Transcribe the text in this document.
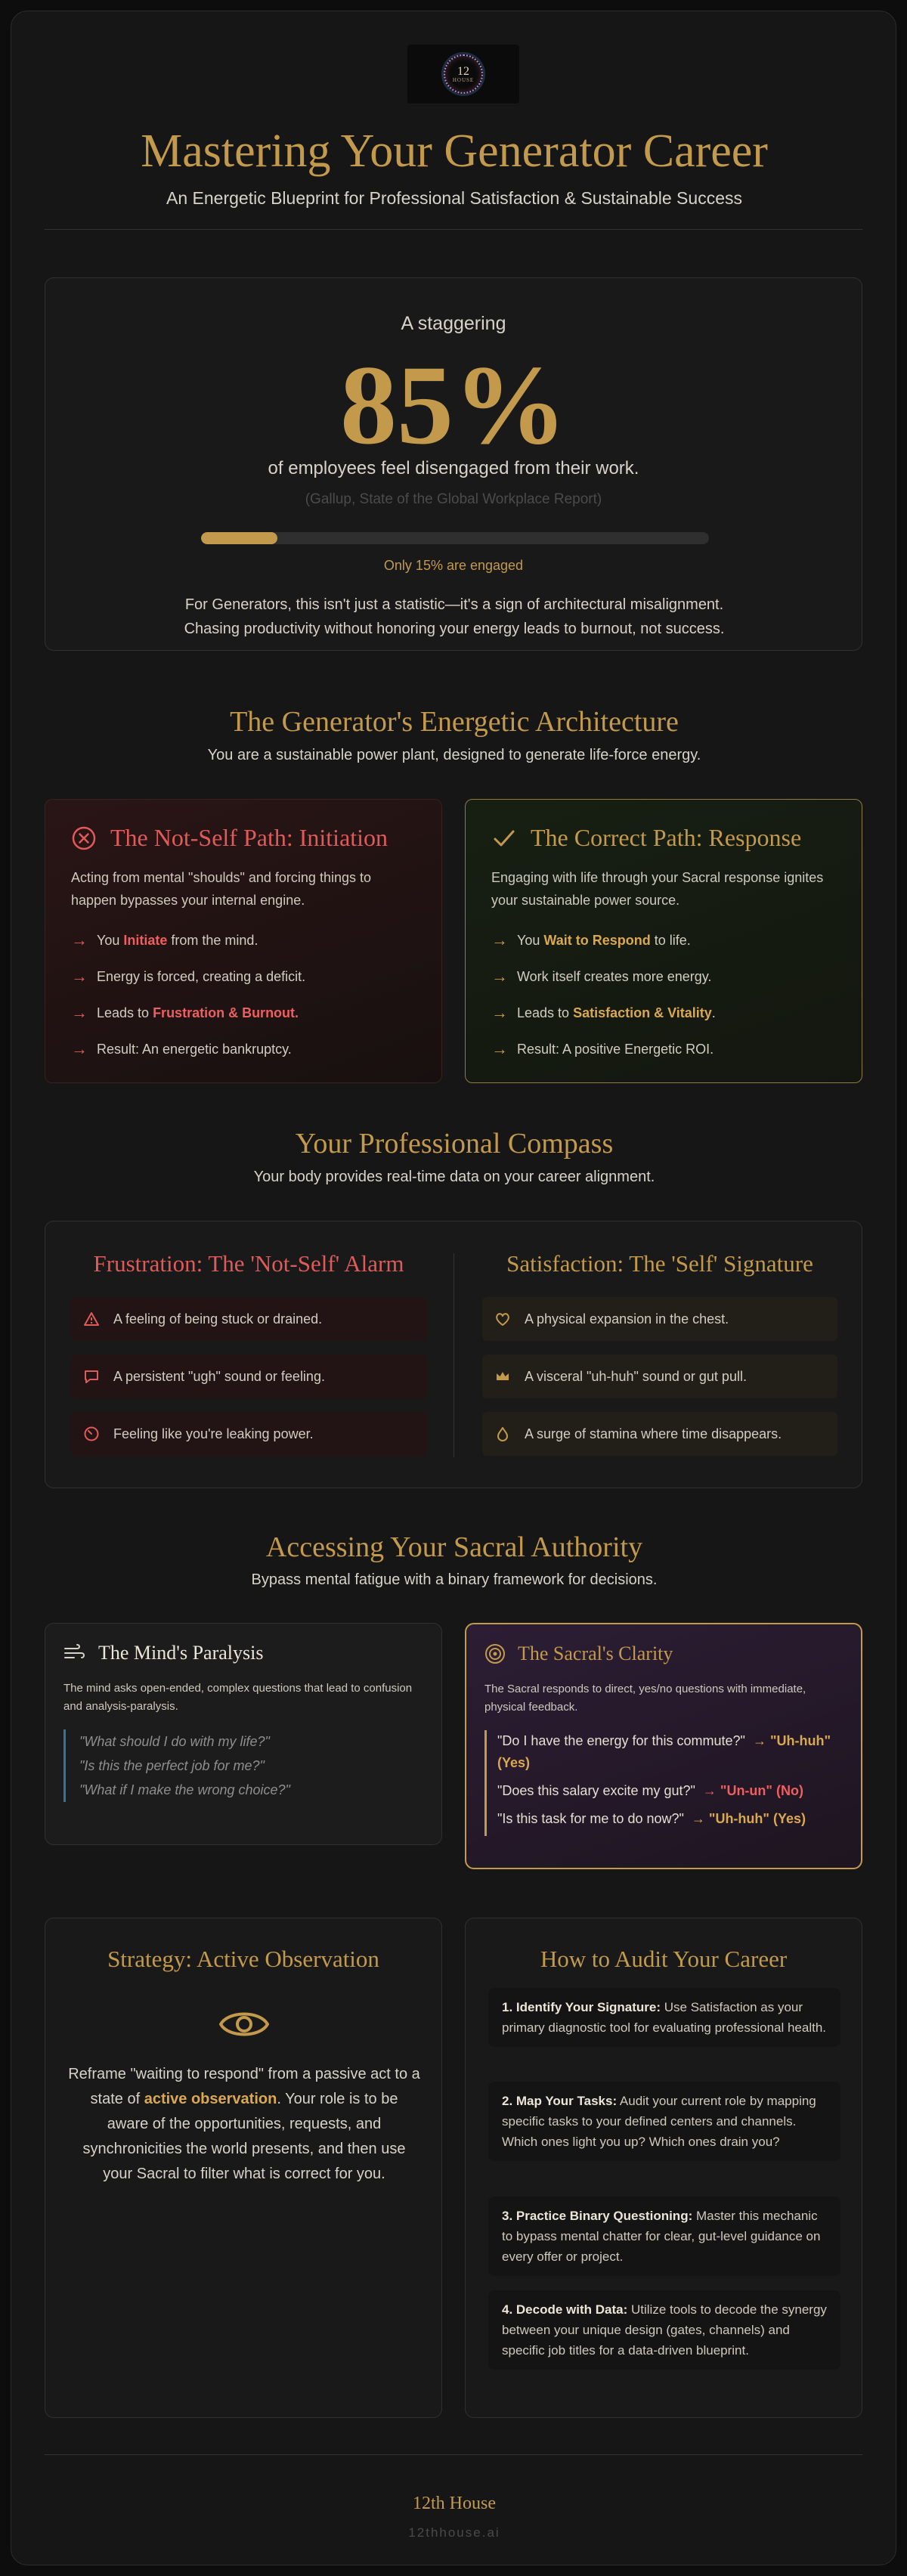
12
HOUSE
Mastering Your Generator Career
An Energetic Blueprint for Professional Satisfaction & Sustainable Success
A staggering
85%
of employees feel disengaged from their work.
(Gallup, State of the Global Workplace Report)
Only 15% are engaged
For Generators, this isn't just a statistic—it's a sign of architectural misalignment.
Chasing productivity without honoring your energy leads to burnout, not success.
The Generator's Energetic Architecture
You are a sustainable power plant, designed to generate life-force energy.
The Not-Self Path: Initiation
Acting from mental "shoulds" and forcing things to happen bypasses your internal engine.
→ You Initiate from the mind.
→ Energy is forced, creating a deficit.
→ Leads to Frustration & Burnout.
→ Result: An energetic bankruptcy.
The Correct Path: Response
Engaging with life through your Sacral response ignites your sustainable power source.
→ You Wait to Respond to life.
→ Work itself creates more energy.
→ Leads to Satisfaction & Vitality.
→ Result: A positive Energetic ROI.
Your Professional Compass
Your body provides real-time data on your career alignment.
Frustration: The 'Not-Self' Alarm	Satisfaction: The 'Self' Signature
A feeling of being stuck or drained.
A persistent "ugh" sound or feeling.
Feeling like you're leaking power.
A physical expansion in the chest.
A visceral "uh-huh" sound or gut pull.
A surge of stamina where time disappears.
Accessing Your Sacral Authority
Bypass mental fatigue with a binary framework for decisions.
The Mind's Paralysis
The mind asks open-ended, complex questions that lead to confusion and analysis-paralysis.
"What should I do with my life?"
"Is this the perfect job for me?"
"What if I make the wrong choice?"
The Sacral's Clarity
The Sacral responds to direct, yes/no questions with immediate, physical feedback.
"Do I have the energy for this commute?" → "Uh-huh" (Yes)
"Does this salary excite my gut?" → "Un-un" (No)
"Is this task for me to do now?" → "Uh-huh" (Yes)
Strategy: Active Observation
Reframe "waiting to respond" from a passive act to a state of active observation. Your role is to be aware of the opportunities, requests, and synchronicities the world presents, and then use your Sacral to filter what is correct for you.
How to Audit Your Career
1. Identify Your Signature: Use Satisfaction as your primary diagnostic tool for evaluating professional health.
2. Map Your Tasks: Audit your current role by mapping specific tasks to your defined centers and channels. Which ones light you up? Which ones drain you?
3. Practice Binary Questioning: Master this mechanic to bypass mental chatter for clear, gut-level guidance on every offer or project.
4. Decode with Data: Utilize tools to decode the synergy between your unique design (gates, channels) and specific job titles for a data-driven blueprint.
12th House
12thhouse.ai
